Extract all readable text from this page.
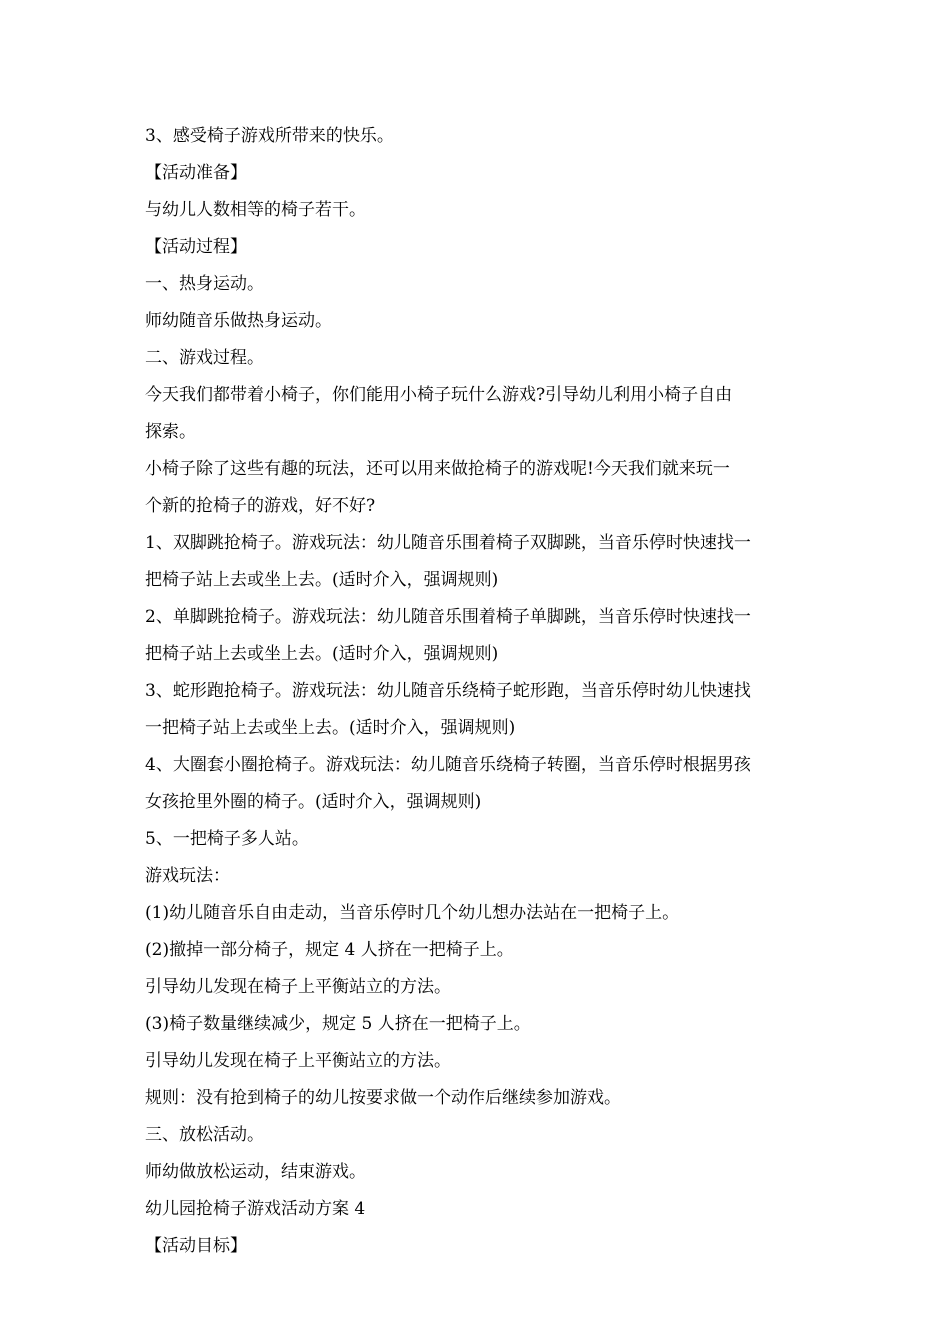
3、感受椅子游戏所带来的快乐。

【活动准备】

与幼儿人数相等的椅子若干。

【活动过程】

一、热身运动。

师幼随音乐做热身运动。

二、游戏过程。

今天我们都带着小椅子，你们能用小椅子玩什么游戏?引导幼儿利用小椅子自由

探索。

小椅子除了这些有趣的玩法，还可以用来做抢椅子的游戏呢!今天我们就来玩一

个新的抢椅子的游戏，好不好?

1、双脚跳抢椅子。游戏玩法：幼儿随音乐围着椅子双脚跳，当音乐停时快速找一

把椅子站上去或坐上去。(适时介入，强调规则)

2、单脚跳抢椅子。游戏玩法：幼儿随音乐围着椅子单脚跳，当音乐停时快速找一

把椅子站上去或坐上去。(适时介入，强调规则)

3、蛇形跑抢椅子。游戏玩法：幼儿随音乐绕椅子蛇形跑，当音乐停时幼儿快速找

一把椅子站上去或坐上去。(适时介入，强调规则)

4、大圈套小圈抢椅子。游戏玩法：幼儿随音乐绕椅子转圈，当音乐停时根据男孩

女孩抢里外圈的椅子。(适时介入，强调规则)

5、一把椅子多人站。

游戏玩法：

(1)幼儿随音乐自由走动，当音乐停时几个幼儿想办法站在一把椅子上。

(2)撤掉一部分椅子，规定 4 人挤在一把椅子上。

引导幼儿发现在椅子上平衡站立的方法。

(3)椅子数量继续减少，规定 5 人挤在一把椅子上。

引导幼儿发现在椅子上平衡站立的方法。

规则：没有抢到椅子的幼儿按要求做一个动作后继续参加游戏。

三、放松活动。

师幼做放松运动，结束游戏。

幼儿园抢椅子游戏活动方案 4

【活动目标】
